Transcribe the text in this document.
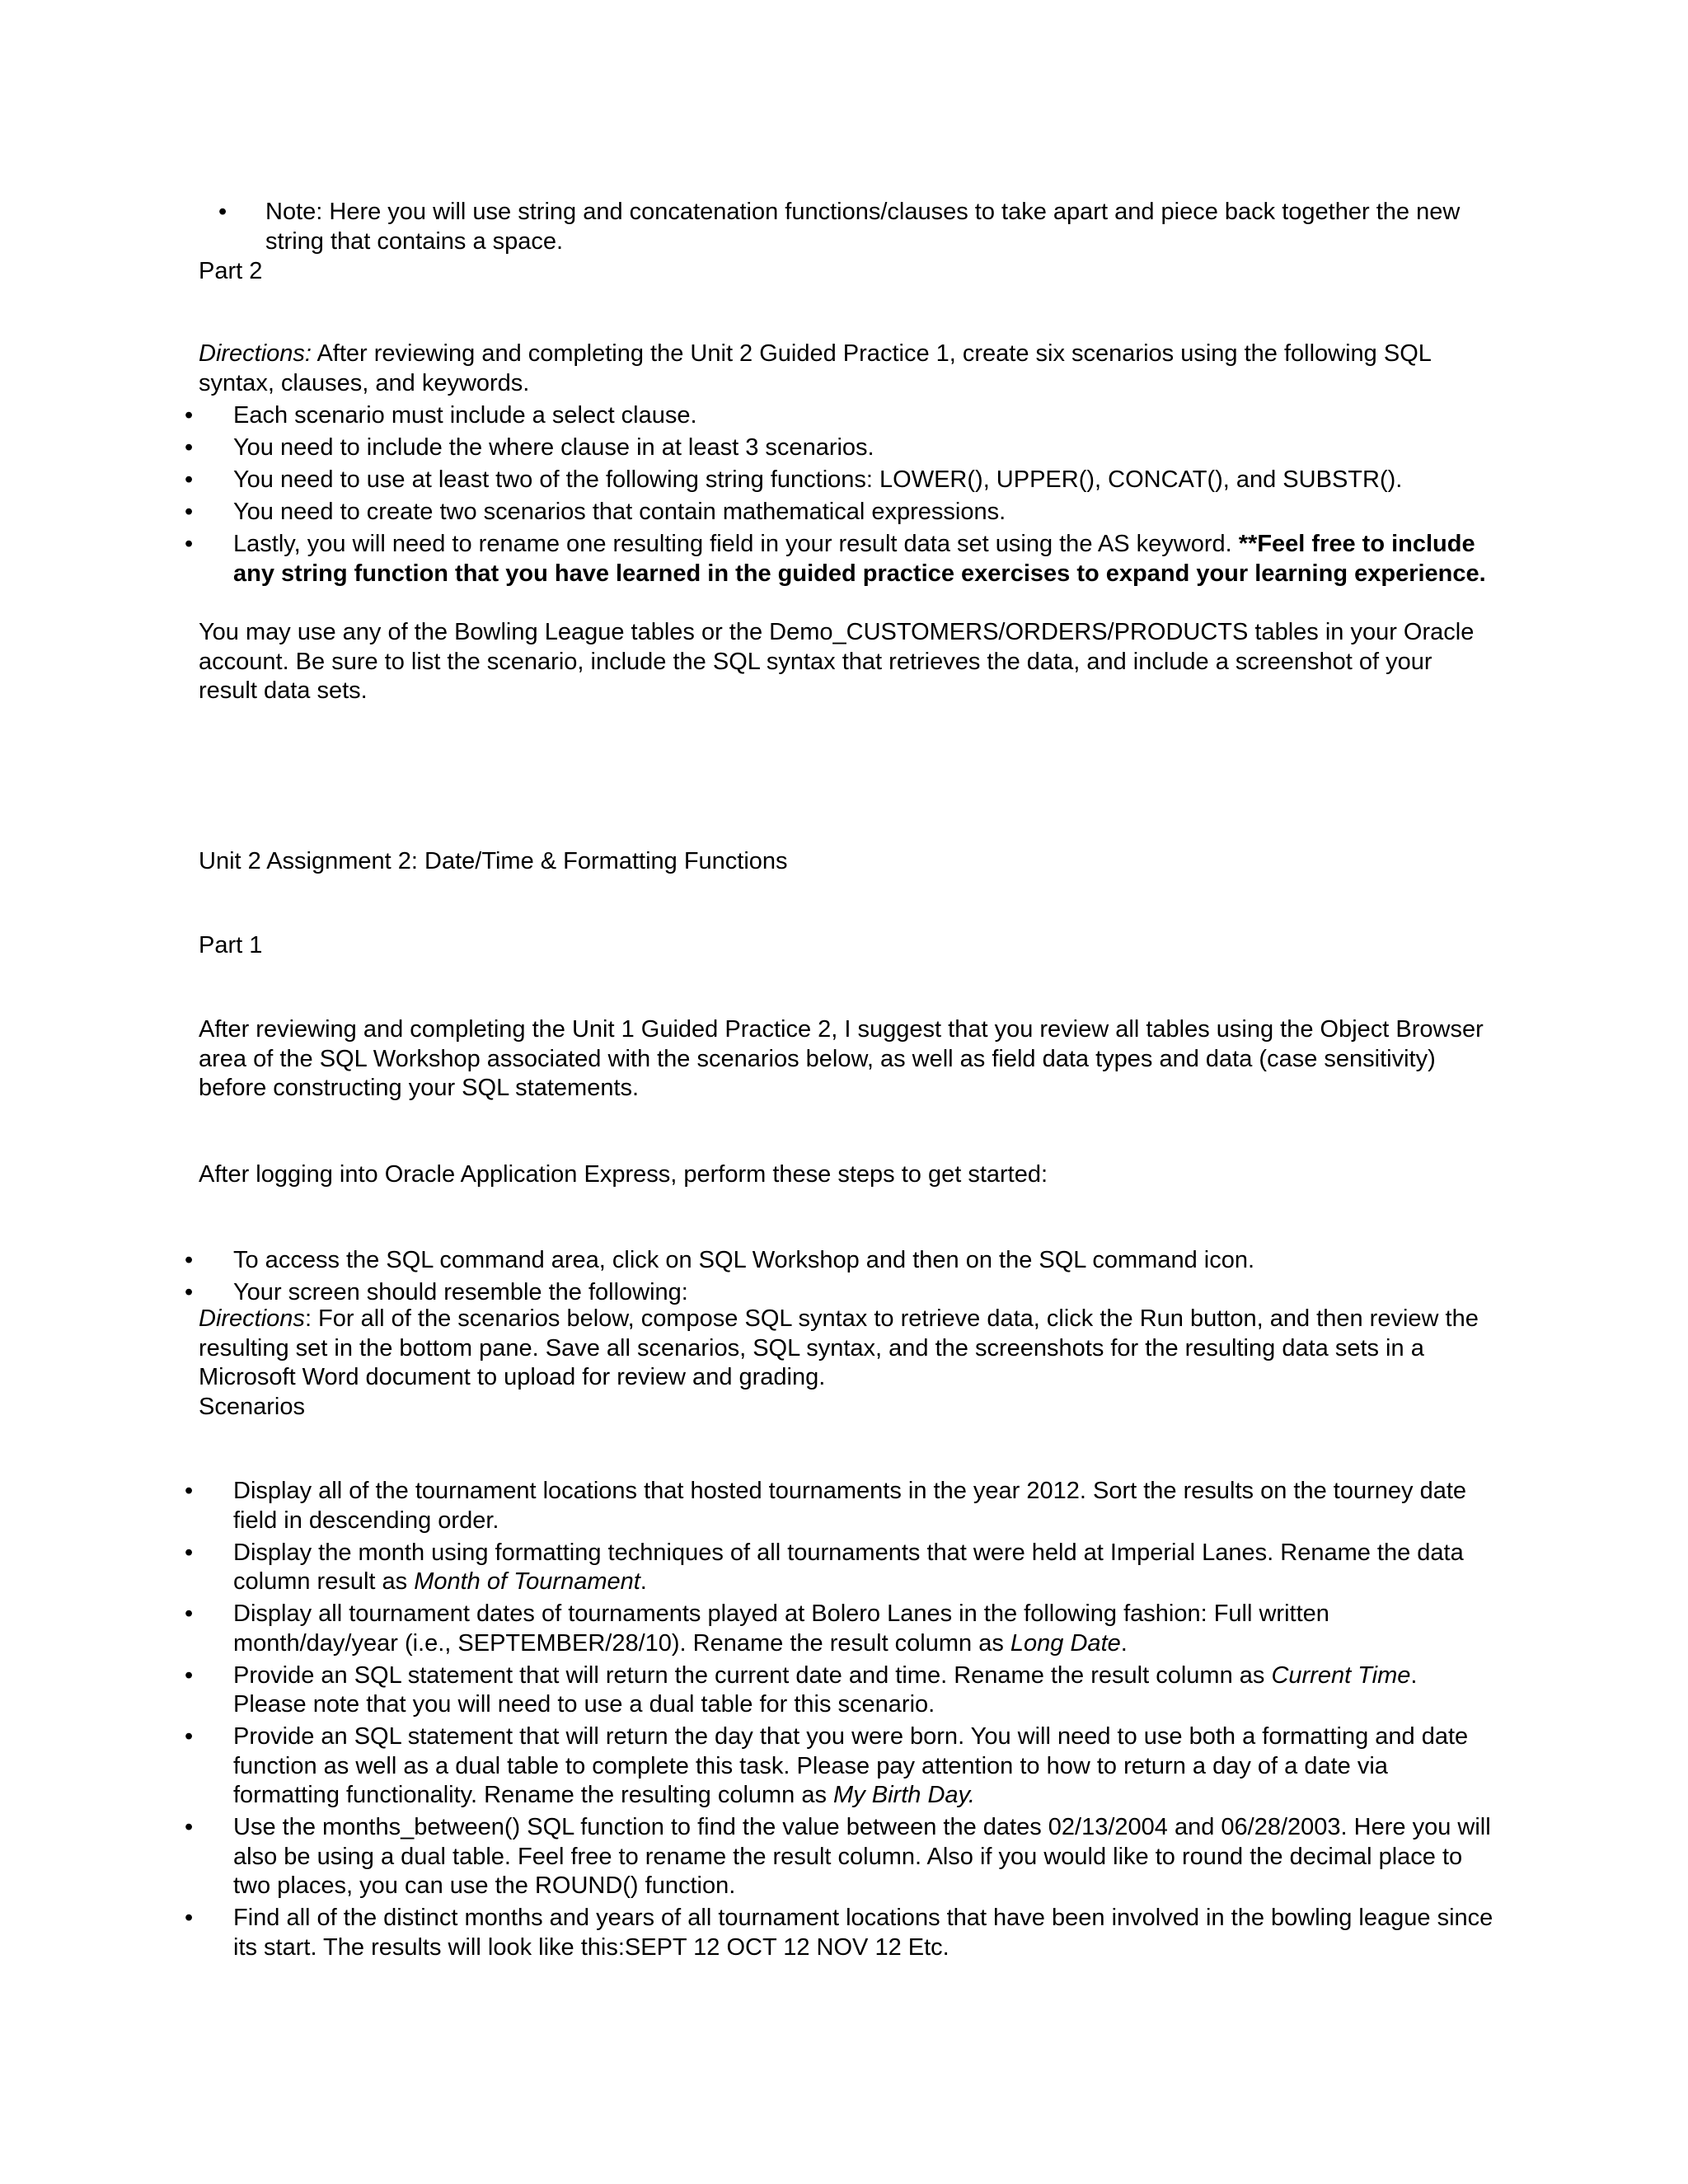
• Note: Here you will use string and concatenation functions/clauses to take apart and piece back together the new string that contains a space.

Part 2

Directions: After reviewing and completing the Unit 2 Guided Practice 1, create six scenarios using the following SQL syntax, clauses, and keywords.

• Each scenario must include a select clause.
• You need to include the where clause in at least 3 scenarios.
• You need to use at least two of the following string functions: LOWER(), UPPER(), CONCAT(), and SUBSTR().
• You need to create two scenarios that contain mathematical expressions.
• Lastly, you will need to rename one resulting field in your result data set using the AS keyword. **Feel free to include any string function that you have learned in the guided practice exercises to expand your learning experience.

You may use any of the Bowling League tables or the Demo_CUSTOMERS/ORDERS/PRODUCTS tables in your Oracle account. Be sure to list the scenario, include the SQL syntax that retrieves the data, and include a screenshot of your result data sets.

Unit 2 Assignment 2: Date/Time & Formatting Functions

Part 1

After reviewing and completing the Unit 1 Guided Practice 2, I suggest that you review all tables using the Object Browser area of the SQL Workshop associated with the scenarios below, as well as field data types and data (case sensitivity) before constructing your SQL statements.

After logging into Oracle Application Express, perform these steps to get started:

• To access the SQL command area, click on SQL Workshop and then on the SQL command icon.
• Your screen should resemble the following:

Directions: For all of the scenarios below, compose SQL syntax to retrieve data, click the Run button, and then review the resulting set in the bottom pane. Save all scenarios, SQL syntax, and the screenshots for the resulting data sets in a Microsoft Word document to upload for review and grading.

Scenarios

• Display all of the tournament locations that hosted tournaments in the year 2012. Sort the results on the tourney date field in descending order.
• Display the month using formatting techniques of all tournaments that were held at Imperial Lanes. Rename the data column result as Month of Tournament.
• Display all tournament dates of tournaments played at Bolero Lanes in the following fashion: Full written month/day/year (i.e., SEPTEMBER/28/10). Rename the result column as Long Date.
• Provide an SQL statement that will return the current date and time. Rename the result column as Current Time. Please note that you will need to use a dual table for this scenario.
• Provide an SQL statement that will return the day that you were born. You will need to use both a formatting and date function as well as a dual table to complete this task. Please pay attention to how to return a day of a date via formatting functionality. Rename the resulting column as My Birth Day.
• Use the months_between() SQL function to find the value between the dates 02/13/2004 and 06/28/2003. Here you will also be using a dual table. Feel free to rename the result column. Also if you would like to round the decimal place to two places, you can use the ROUND() function.
• Find all of the distinct months and years of all tournament locations that have been involved in the bowling league since its start. The results will look like this:SEPT 12 OCT 12 NOV 12 Etc.
